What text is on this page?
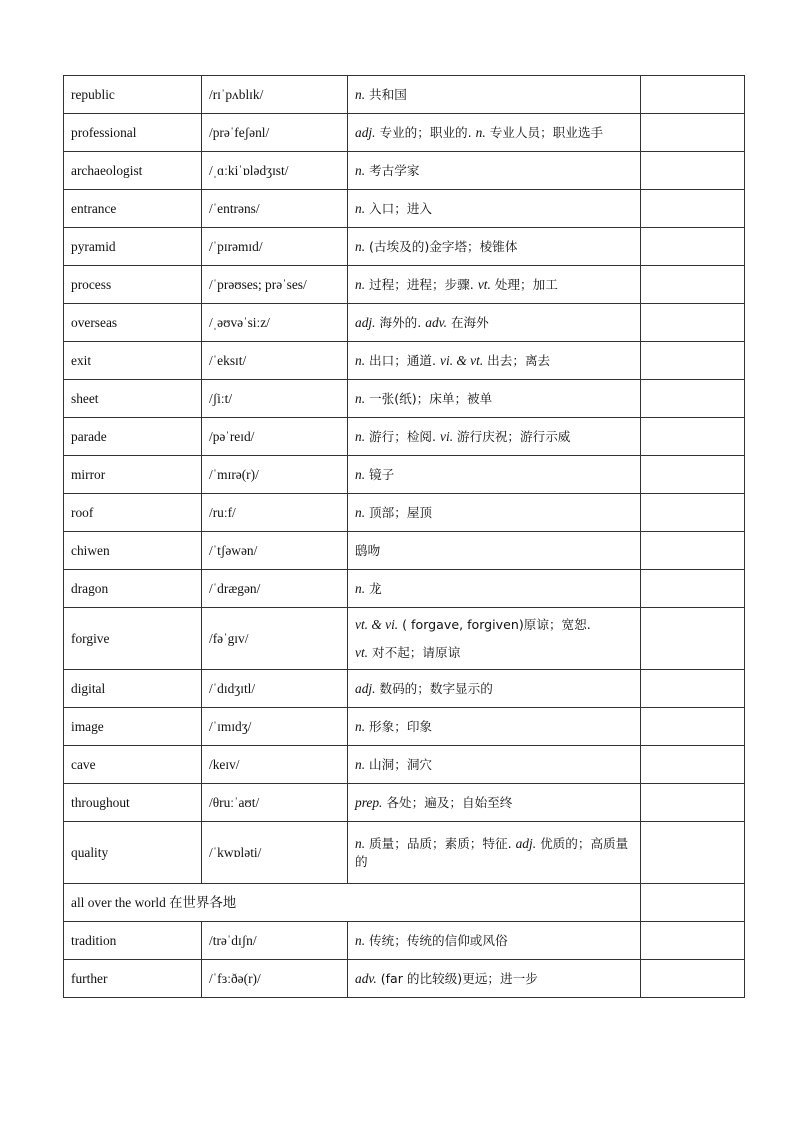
republic	/rɪˈpʌblɪk/	n. 共和国	

professional	/prəˈfeʃənl/	adj. 专业的；职业的. n. 专业人员；职业选手	

archaeologist	/ˌɑːkiˈɒlədʒɪst/	n. 考古学家	

entrance	/ˈentrəns/	n. 入口；进入	

pyramid	/ˈpɪrəmɪd/	n. (古埃及的)金字塔；棱锥体	

process	/ˈprəʊses; prəˈses/	n. 过程；进程；步骤. vt. 处理；加工	

overseas	/ˌəʊvəˈsiːz/	adj. 海外的. adv. 在海外	

exit	/ˈeksɪt/	n. 出口；通道. vi. & vt. 出去；离去	

sheet	/ʃiːt/	n. 一张(纸)；床单；被单	

parade	/pəˈreɪd/	n. 游行；检阅. vi. 游行庆祝；游行示威	

mirror	/ˈmɪrə(r)/	n. 镜子	

roof	/ruːf/	n. 顶部；屋顶	

chiwen	/ˈtʃəwən/	鸱吻	

dragon	/ˈdrægən/	n. 龙	

forgive	/fəˈgɪv/	vt. & vi. ( forgave, forgiven)原谅；宽恕.
vt. 对不起；请原谅	

digital	/ˈdɪdʒɪtl/	adj. 数码的；数字显示的	

image	/ˈɪmɪdʒ/	n. 形象；印象	

cave	/keɪv/	n. 山洞；洞穴	

throughout	/θruːˈaʊt/	prep. 各处；遍及；自始至终	

quality	/ˈkwɒləti/	n. 质量；品质；素质；特征. adj. 优质的；高质量的	

all over the world 在世界各地			
tradition	/trəˈdɪʃn/	n. 传统；传统的信仰或风俗	

further	/ˈfɜːðə(r)/	adv. (far 的比较级)更远；进一步	
